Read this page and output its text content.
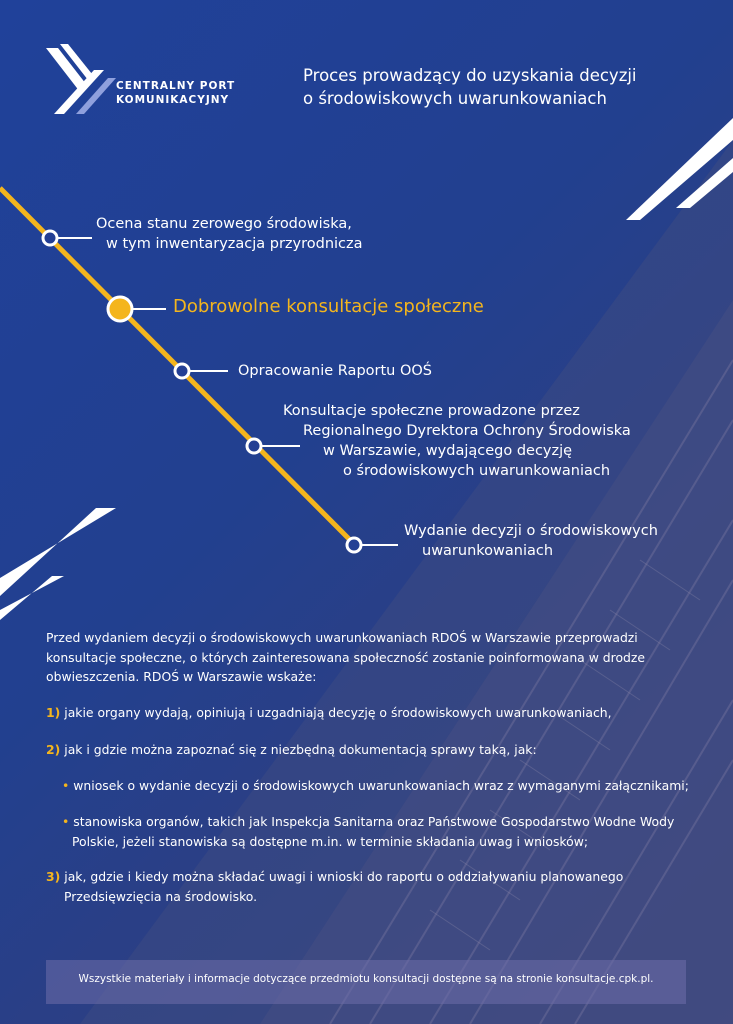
CENTRALNY PORT
KOMUNIKACYJNY
Proces prowadzący do uzyskania decyzji
o środowiskowych uwarunkowaniach
Ocena stanu zerowego środowiska,
w tym inwentaryzacja przyrodnicza
Dobrowolne konsultacje społeczne
Opracowanie Raportu OOŚ
Konsultacje społeczne prowadzone przez
Regionalnego Dyrektora Ochrony Środowiska
w Warszawie, wydającego decyzję
o środowiskowych uwarunkowaniach
Wydanie decyzji o środowiskowych
uwarunkowaniach
Przed wydaniem decyzji o środowiskowych uwarunkowaniach RDOŚ w Warszawie przeprowadzi konsultacje społeczne, o których zainteresowana społeczność zostanie poinformowana w drodze obwieszczenia. RDOŚ w Warszawie wskaże:
1) jakie organy wydają, opiniują i uzgadniają decyzję o środowiskowych uwarunkowaniach,
2) jak i gdzie można zapoznać się z niezbędną dokumentacją sprawy taką, jak:
• wniosek o wydanie decyzji o środowiskowych uwarunkowaniach wraz z wymaganymi załącznikami;
• stanowiska organów, takich jak Inspekcja Sanitarna oraz Państwowe Gospodarstwo Wodne Wody
Polskie, jeżeli stanowiska są dostępne m.in. w terminie składania uwag i wniosków;
3) jak, gdzie i kiedy można składać uwagi i wnioski do raportu o oddziaływaniu planowanego
Przedsięwzięcia na środowisko.
Wszystkie materiały i informacje dotyczące przedmiotu konsultacji dostępne są na stronie konsultacje.cpk.pl.
